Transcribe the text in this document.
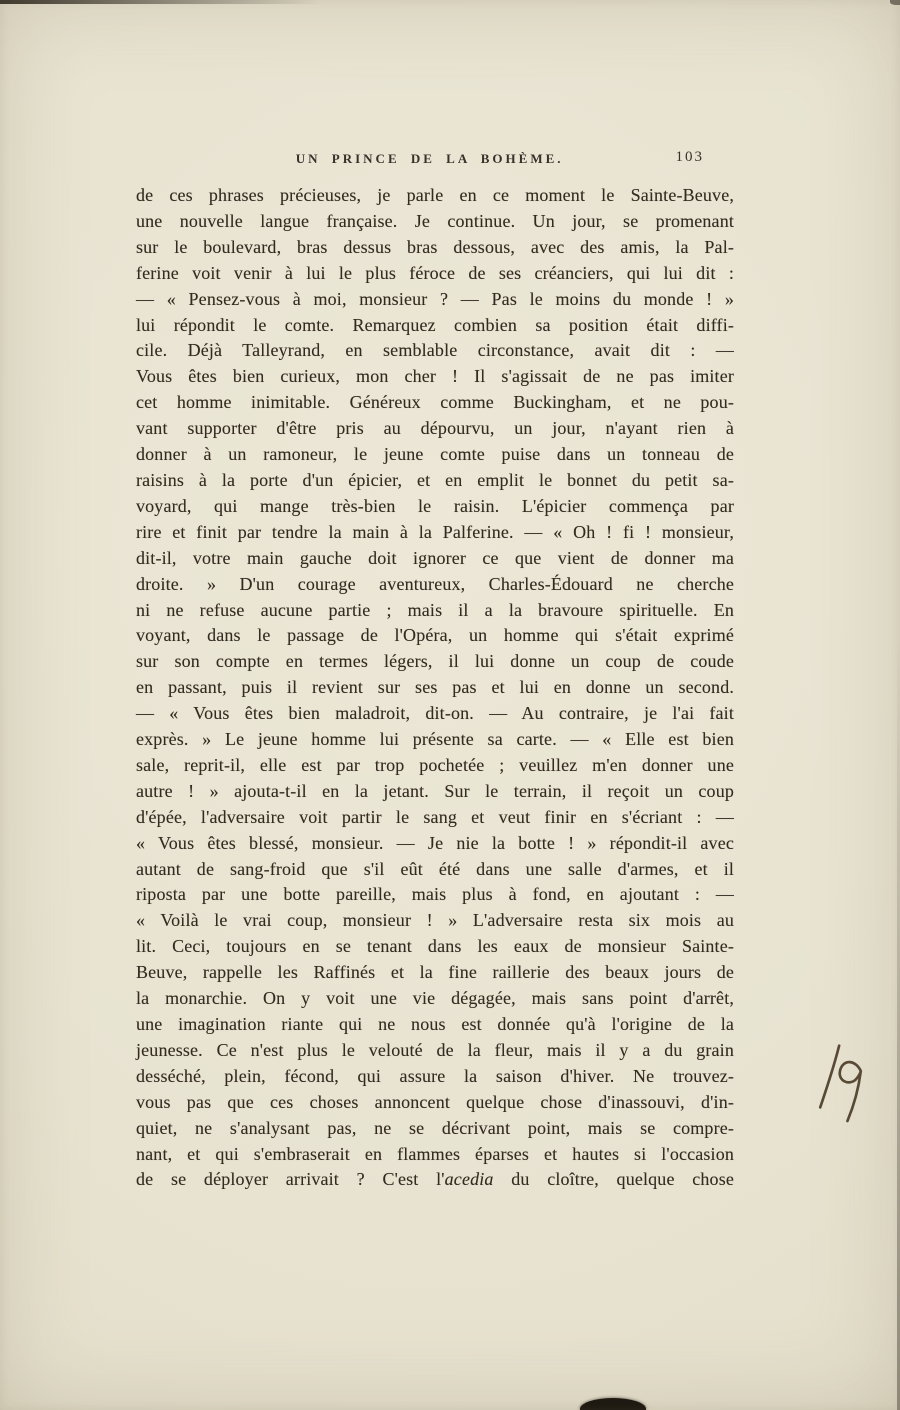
UN PRINCE DE LA BOHÈME.	103
de ces phrases précieuses, je parle en ce moment le Sainte-Beuve,
une nouvelle langue française. Je continue. Un jour, se promenant
sur le boulevard, bras dessus bras dessous, avec des amis, la Pal-
ferine voit venir à lui le plus féroce de ses créanciers, qui lui dit :
— « Pensez-vous à moi, monsieur ? — Pas le moins du monde ! »
lui répondit le comte. Remarquez combien sa position était diffi-
cile. Déjà Talleyrand, en semblable circonstance, avait dit : —
Vous êtes bien curieux, mon cher ! Il s'agissait de ne pas imiter
cet homme inimitable. Généreux comme Buckingham, et ne pou-
vant supporter d'être pris au dépourvu, un jour, n'ayant rien à
donner à un ramoneur, le jeune comte puise dans un tonneau de
raisins à la porte d'un épicier, et en emplit le bonnet du petit sa-
voyard, qui mange très-bien le raisin. L'épicier commença par
rire et finit par tendre la main à la Palferine. — « Oh ! fi ! monsieur,
dit-il, votre main gauche doit ignorer ce que vient de donner ma
droite. » D'un courage aventureux, Charles-Édouard ne cherche
ni ne refuse aucune partie ; mais il a la bravoure spirituelle. En
voyant, dans le passage de l'Opéra, un homme qui s'était exprimé
sur son compte en termes légers, il lui donne un coup de coude
en passant, puis il revient sur ses pas et lui en donne un second.
— « Vous êtes bien maladroit, dit-on. — Au contraire, je l'ai fait
exprès. » Le jeune homme lui présente sa carte. — « Elle est bien
sale, reprit-il, elle est par trop pochetée ; veuillez m'en donner une
autre ! » ajouta-t-il en la jetant. Sur le terrain, il reçoit un coup
d'épée, l'adversaire voit partir le sang et veut finir en s'écriant : —
« Vous êtes blessé, monsieur. — Je nie la botte ! » répondit-il avec
autant de sang-froid que s'il eût été dans une salle d'armes, et il
riposta par une botte pareille, mais plus à fond, en ajoutant : —
« Voilà le vrai coup, monsieur ! » L'adversaire resta six mois au
lit. Ceci, toujours en se tenant dans les eaux de monsieur Sainte-
Beuve, rappelle les Raffinés et la fine raillerie des beaux jours de
la monarchie. On y voit une vie dégagée, mais sans point d'arrêt,
une imagination riante qui ne nous est donnée qu'à l'origine de la
jeunesse. Ce n'est plus le velouté de la fleur, mais il y a du grain
desséché, plein, fécond, qui assure la saison d'hiver. Ne trouvez-
vous pas que ces choses annoncent quelque chose d'inassouvi, d'in-
quiet, ne s'analysant pas, ne se décrivant point, mais se compre-
nant, et qui s'embraserait en flammes éparses et hautes si l'occasion
de se déployer arrivait ? C'est l'acedia du cloître, quelque chose
